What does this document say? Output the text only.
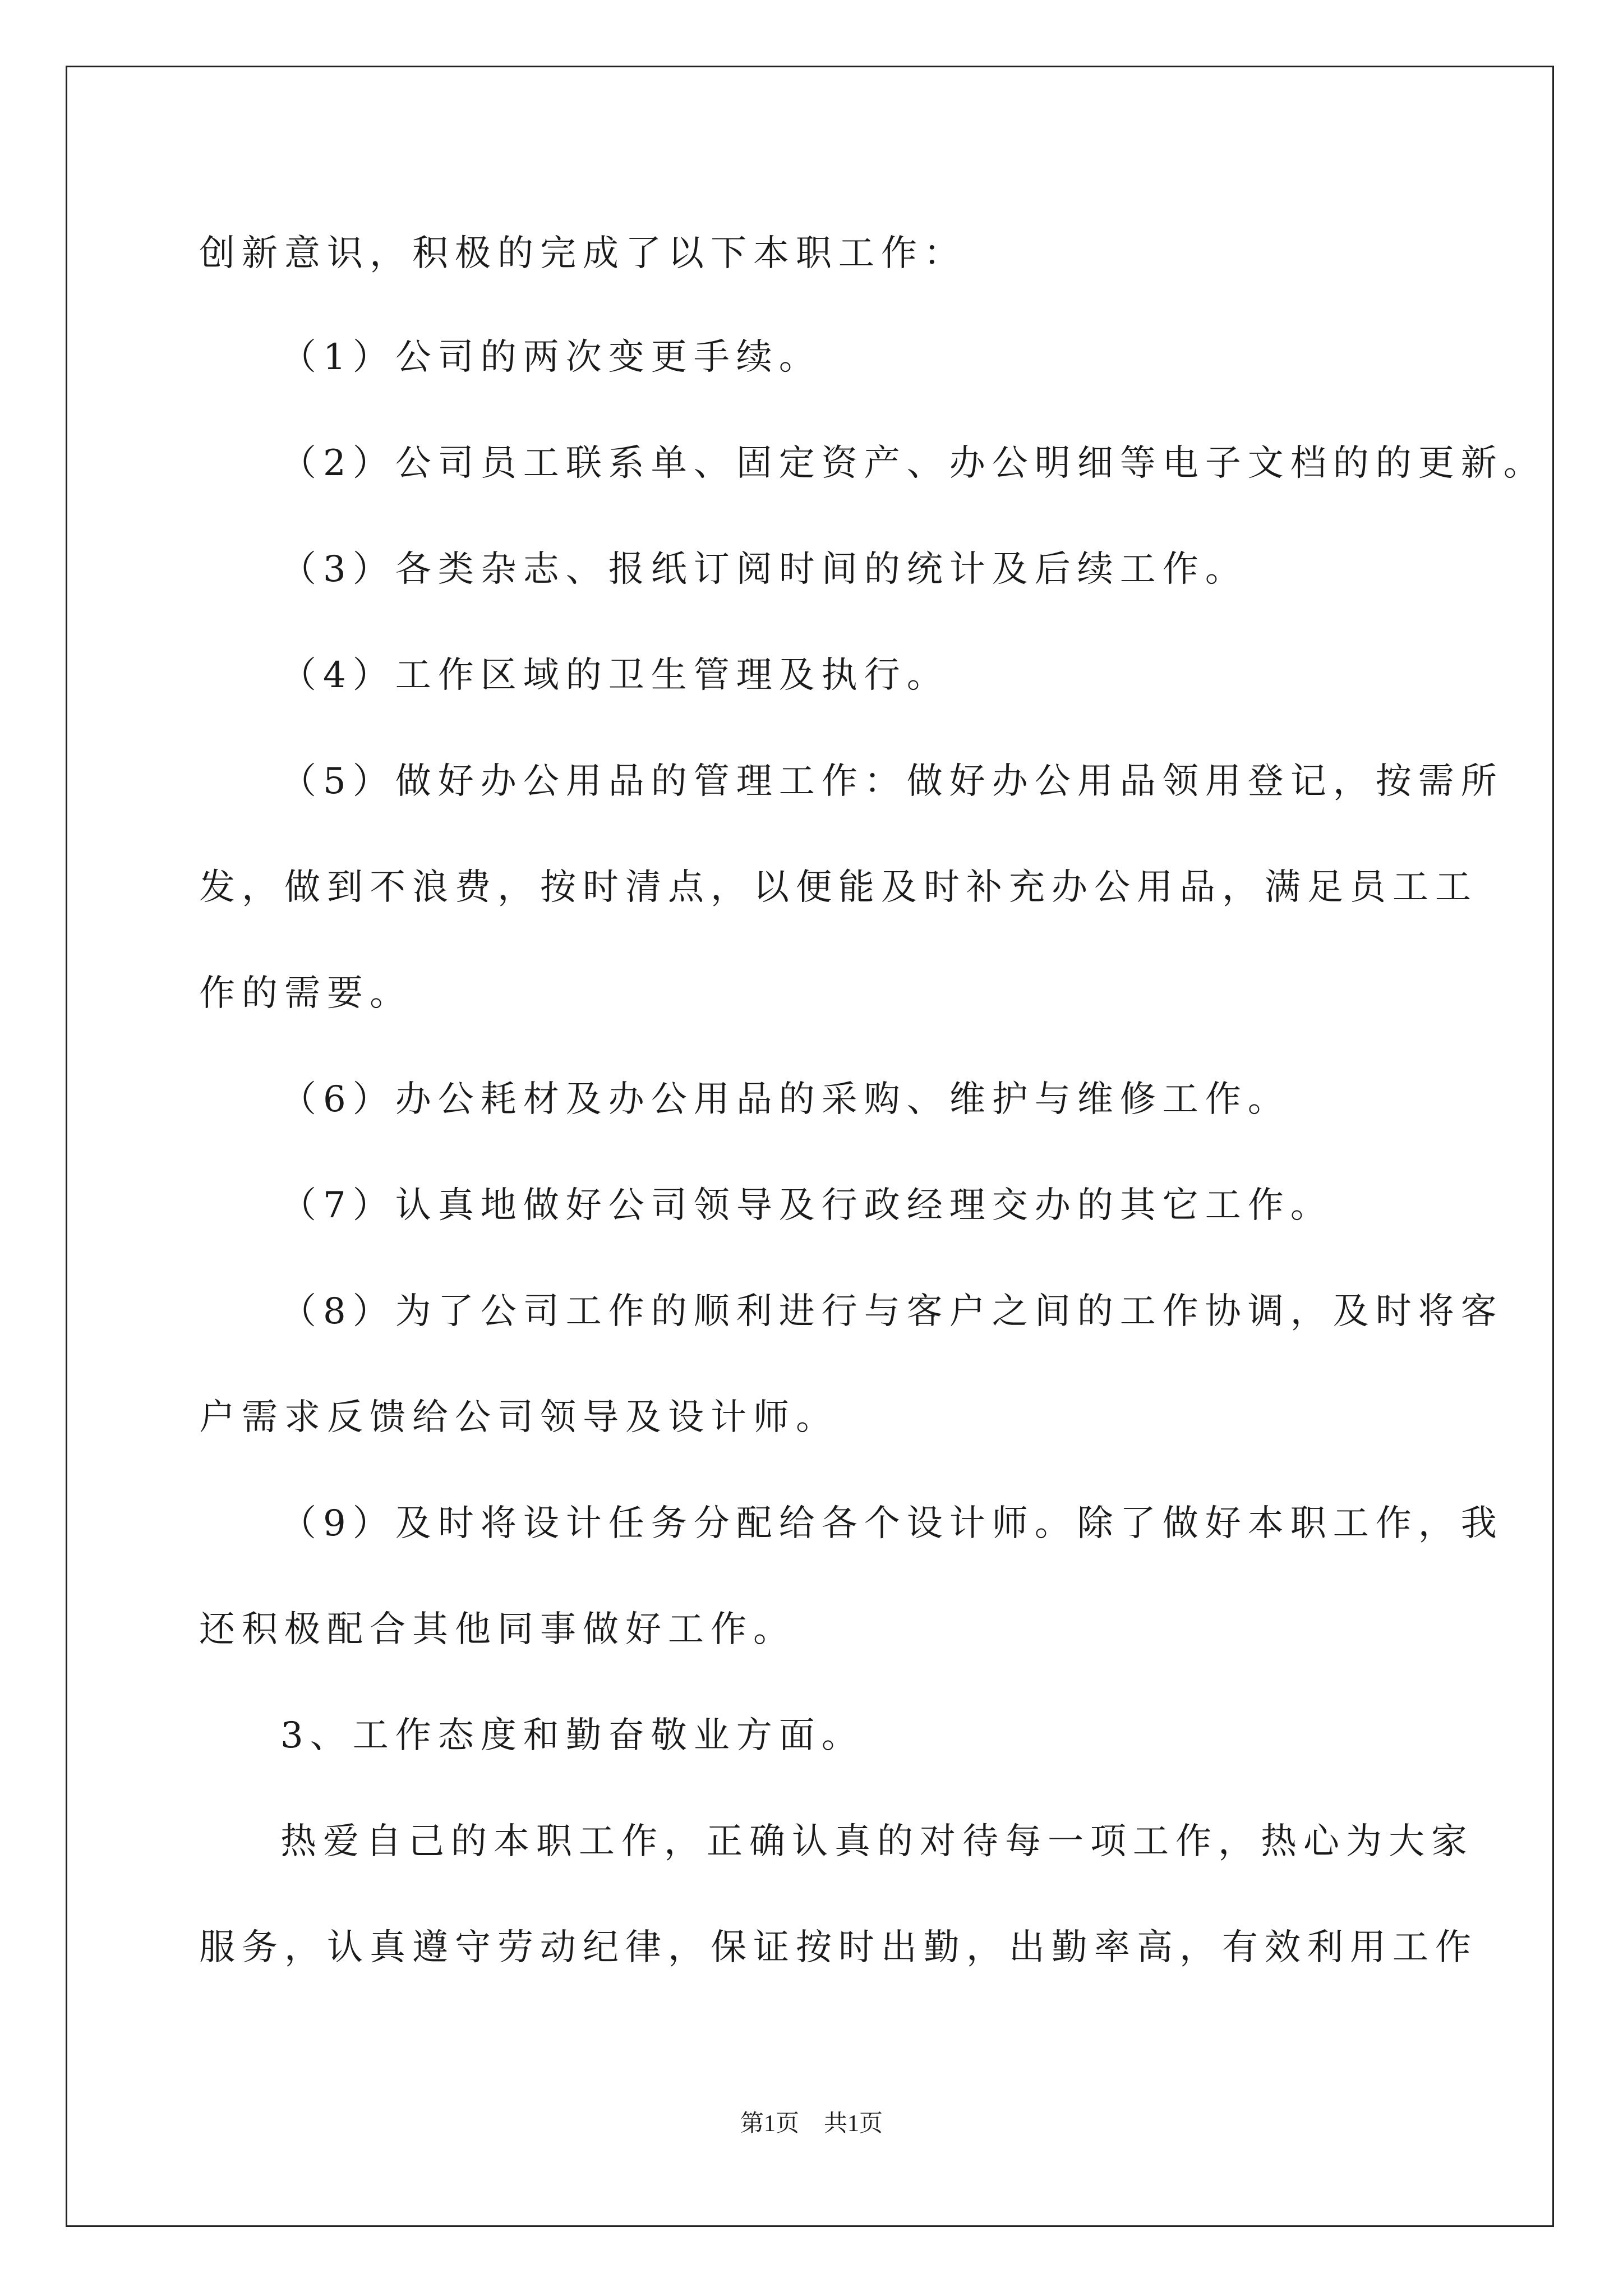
创新意识，积极的完成了以下本职工作：
（1）公司的两次变更手续。
（2）公司员工联系单、固定资产、办公明细等电子文档的的更新。
（3）各类杂志、报纸订阅时间的统计及后续工作。
（4）工作区域的卫生管理及执行。
（5）做好办公用品的管理工作：做好办公用品领用登记，按需所
发，做到不浪费，按时清点，以便能及时补充办公用品，满足员工工
作的需要。
（6）办公耗材及办公用品的采购、维护与维修工作。
（7）认真地做好公司领导及行政经理交办的其它工作。
（8）为了公司工作的顺利进行与客户之间的工作协调，及时将客
户需求反馈给公司领导及设计师。
（9）及时将设计任务分配给各个设计师。除了做好本职工作，我
还积极配合其他同事做好工作。
3、工作态度和勤奋敬业方面。
热爱自己的本职工作，正确认真的对待每一项工作，热心为大家
服务，认真遵守劳动纪律，保证按时出勤，出勤率高，有效利用工作
第1页 共1页
